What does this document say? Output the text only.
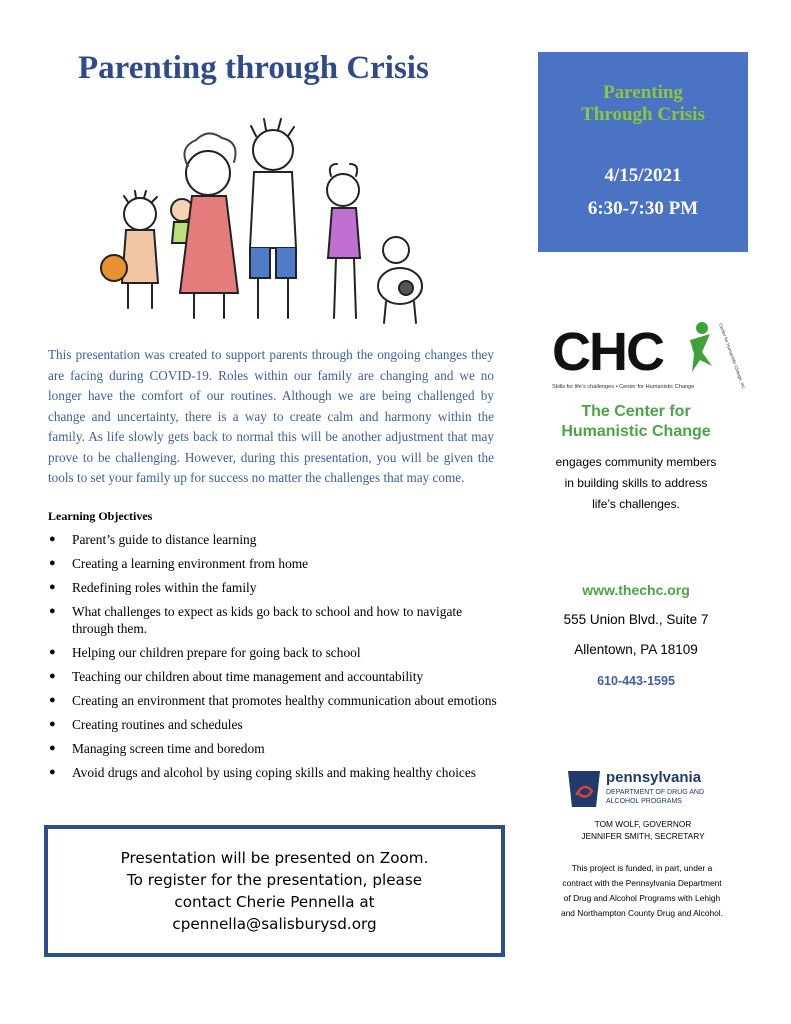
Parenting through Crisis

This presentation was created to support parents through the ongoing changes they are facing during COVID-19. Roles within our family are changing and we no longer have the comfort of our routines. Although we are being challenged by change and uncertainty, there is a way to create calm and harmony within the family. As life slowly gets back to normal this will be another adjustment that may prove to be challenging. However, during this presentation, you will be given the tools to set your family up for success no matter the challenges that may come.

Learning Objectives
● Parent’s guide to distance learning
● Creating a learning environment from home
● Redefining roles within the family
● What challenges to expect as kids go back to school and how to navigate through them.
● Helping our children prepare for going back to school
● Teaching our children about time management and accountability
● Creating an environment that promotes healthy communication about emotions
● Creating routines and schedules
● Managing screen time and boredom
● Avoid drugs and alcohol by using coping skills and making healthy choices
Presentation will be presented on Zoom.
To register for the presentation, please
contact Cherie Pennella at
cpennella@salisburysd.org
Parenting
Through Crisis
4/15/2021
6:30-7:30 PM
CHC
Skills for life’s challenges • Center for Humanistic Change	Center for Humanistic Change, Inc.
The Center for
Humanistic Change
engages community members
in building skills to address
life’s challenges.
www.thechc.org
555 Union Blvd., Suite 7
Allentown, PA 18109
610-443-1595
pennsylvania
DEPARTMENT OF DRUG AND
ALCOHOL PROGRAMS
TOM WOLF, GOVERNOR
JENNIFER SMITH, SECRETARY
This project is funded, in part, under a
contract with the Pennsylvania Department
of Drug and Alcohol Programs with Lehigh
and Northampton County Drug and Alcohol.
